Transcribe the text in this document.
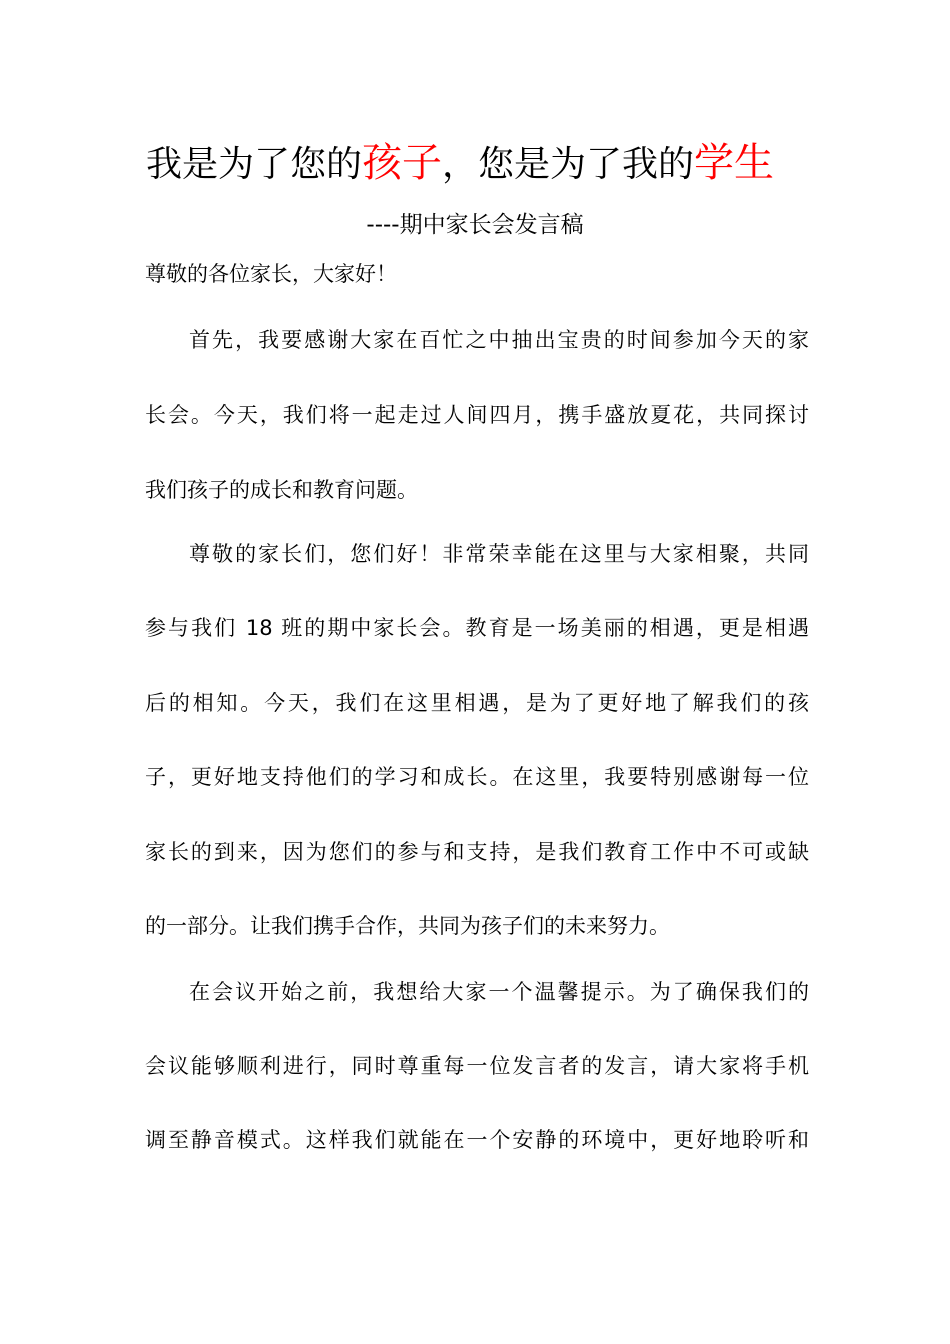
我是为了您的孩子，您是为了我的学生
----期中家长会发言稿
尊敬的各位家长，大家好！
首先，我要感谢大家在百忙之中抽出宝贵的时间参加今天的家
长会。今天，我们将一起走过人间四月，携手盛放夏花，共同探讨
我们孩子的成长和教育问题。
尊敬的家长们，您们好！非常荣幸能在这里与大家相聚，共同
参与我们 18 班的期中家长会。教育是一场美丽的相遇，更是相遇
后的相知。今天，我们在这里相遇，是为了更好地了解我们的孩
子，更好地支持他们的学习和成长。在这里，我要特别感谢每一位
家长的到来，因为您们的参与和支持，是我们教育工作中不可或缺
的一部分。让我们携手合作，共同为孩子们的未来努力。
在会议开始之前，我想给大家一个温馨提示。为了确保我们的
会议能够顺利进行，同时尊重每一位发言者的发言，请大家将手机
调至静音模式。这样我们就能在一个安静的环境中，更好地聆听和
